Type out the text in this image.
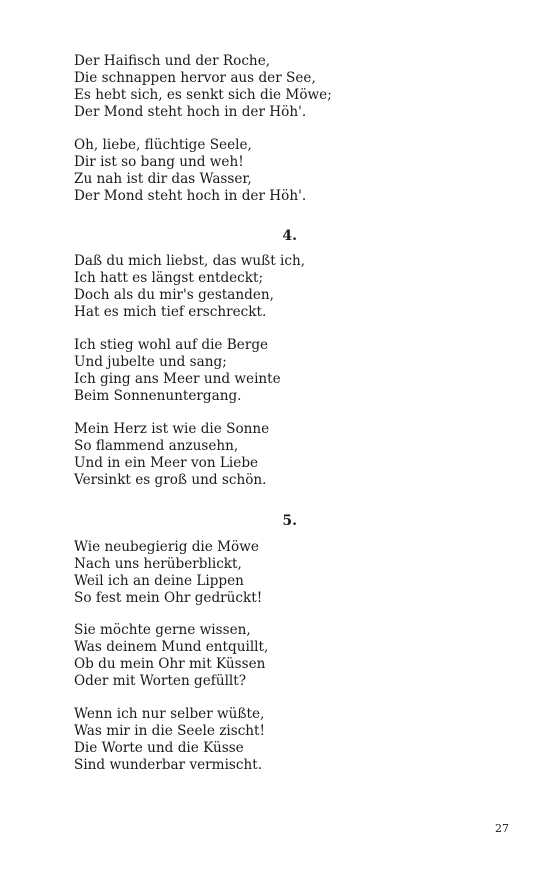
Der Haifisch und der Roche,
Die schnappen hervor aus der See,
Es hebt sich, es senkt sich die Möwe;
Der Mond steht hoch in der Höh'.
Oh, liebe, flüchtige Seele,
Dir ist so bang und weh!
Zu nah ist dir das Wasser,
Der Mond steht hoch in der Höh'.
4.
Daß du mich liebst, das wußt ich,
Ich hatt es längst entdeckt;
Doch als du mir's gestanden,
Hat es mich tief erschreckt.
Ich stieg wohl auf die Berge
Und jubelte und sang;
Ich ging ans Meer und weinte
Beim Sonnenuntergang.
Mein Herz ist wie die Sonne
So flammend anzusehn,
Und in ein Meer von Liebe
Versinkt es groß und schön.
5.
Wie neubegierig die Möwe
Nach uns herüberblickt,
Weil ich an deine Lippen
So fest mein Ohr gedrückt!
Sie möchte gerne wissen,
Was deinem Mund entquillt,
Ob du mein Ohr mit Küssen
Oder mit Worten gefüllt?
Wenn ich nur selber wüßte,
Was mir in die Seele zischt!
Die Worte und die Küsse
Sind wunderbar vermischt.
27
